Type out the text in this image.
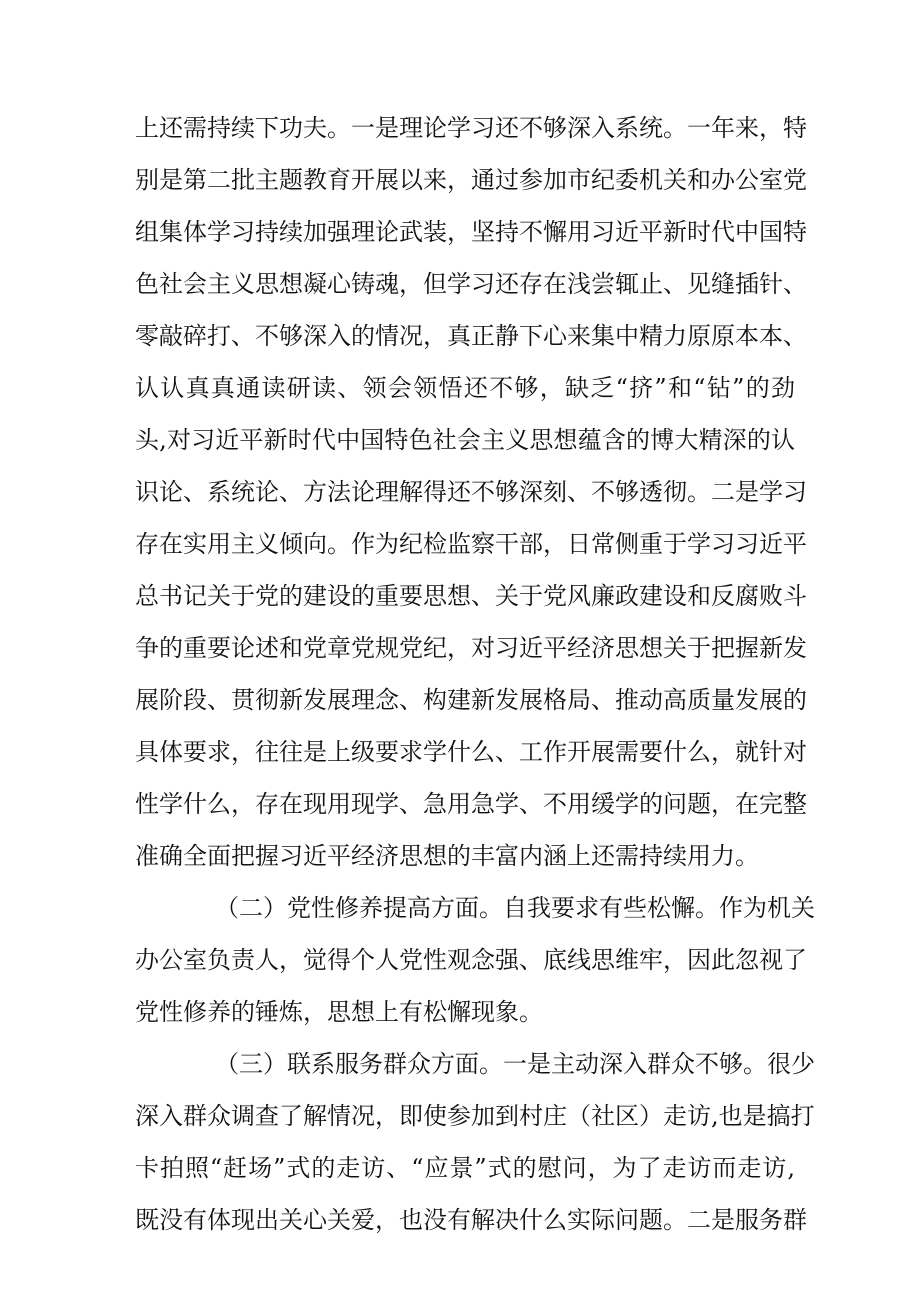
上还需持续下功夫。一是理论学习还不够深入系统。一年来，特
别是第二批主题教育开展以来，通过参加市纪委机关和办公室党
组集体学习持续加强理论武装，坚持不懈用习近平新时代中国特
色社会主义思想凝心铸魂，但学习还存在浅尝辄止、见缝插针、
零敲碎打、不够深入的情况，真正静下心来集中精力原原本本、
认认真真通读研读、领会领悟还不够，缺乏“挤”和“钻”的劲
头,对习近平新时代中国特色社会主义思想蕴含的博大精深的认
识论、系统论、方法论理解得还不够深刻、不够透彻。二是学习
存在实用主义倾向。作为纪检监察干部，日常侧重于学习习近平
总书记关于党的建设的重要思想、关于党风廉政建设和反腐败斗
争的重要论述和党章党规党纪，对习近平经济思想关于把握新发
展阶段、贯彻新发展理念、构建新发展格局、推动高质量发展的
具体要求，往往是上级要求学什么、工作开展需要什么，就针对
性学什么，存在现用现学、急用急学、不用缓学的问题，在完整
准确全面把握习近平经济思想的丰富内涵上还需持续用力。
（二）党性修养提高方面。自我要求有些松懈。作为机关
办公室负责人，觉得个人党性观念强、底线思维牢，因此忽视了
党性修养的锤炼，思想上有松懈现象。
（三）联系服务群众方面。一是主动深入群众不够。很少
深入群众调查了解情况，即使参加到村庄（社区）走访,也是搞打
卡拍照“赶场”式的走访、“应景”式的慰问，为了走访而走访,
既没有体现出关心关爱，也没有解决什么实际问题。二是服务群
